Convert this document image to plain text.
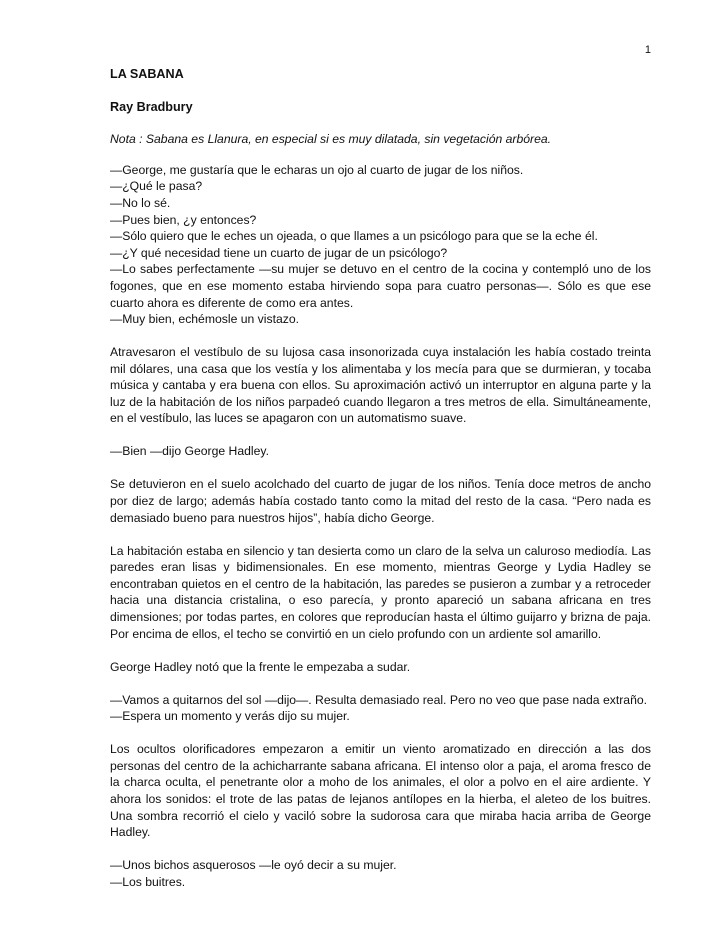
1

LA SABANA

Ray Bradbury

Nota : Sabana es Llanura, en especial si es muy dilatada, sin vegetación arbórea.

—George, me gustaría que le echaras un ojo al cuarto de jugar de los niños.

—¿Qué le pasa?

—No lo sé.

—Pues bien, ¿y entonces?

—Sólo quiero que le eches un ojeada, o que llames a un psicólogo para que se la eche él.

—¿Y qué necesidad tiene un cuarto de jugar de un psicólogo?

—Lo sabes perfectamente —su mujer se detuvo en el centro de la cocina y contempló uno de los fogones, que en ese momento estaba hirviendo sopa para cuatro personas—. Sólo es que ese cuarto ahora es diferente de como era antes.

—Muy bien, echémosle un vistazo.

Atravesaron el vestíbulo de su lujosa casa insonorizada cuya instalación les había costado treinta mil dólares, una casa que los vestía y los alimentaba y los mecía para que se durmieran, y tocaba música y cantaba y era buena con ellos. Su aproximación activó un interruptor en alguna parte y la luz de la habitación de los niños parpadeó cuando llegaron a tres metros de ella. Simultáneamente, en el vestíbulo, las luces se apagaron con un automatismo suave.

—Bien —dijo George Hadley.

Se detuvieron en el suelo acolchado del cuarto de jugar de los niños. Tenía doce metros de ancho por diez de largo; además había costado tanto como la mitad del resto de la casa. “Pero nada es demasiado bueno para nuestros hijos”, había dicho George.

La habitación estaba en silencio y tan desierta como un claro de la selva un caluroso mediodía. Las paredes eran lisas y bidimensionales. En ese momento, mientras George y Lydia Hadley se encontraban quietos en el centro de la habitación, las paredes se pusieron a zumbar y a retroceder hacia una distancia cristalina, o eso parecía, y pronto apareció un sabana africana en tres dimensiones; por todas partes, en colores que reproducían hasta el último guijarro y brizna de paja. Por encima de ellos, el techo se convirtió en un cielo profundo con un ardiente sol amarillo.

George Hadley notó que la frente le empezaba a sudar.

—Vamos a quitarnos del sol —dijo—. Resulta demasiado real. Pero no veo que pase nada extraño.

—Espera un momento y verás dijo su mujer.

Los ocultos olorificadores empezaron a emitir un viento aromatizado en dirección a las dos personas del centro de la achicharrante sabana africana. El intenso olor a paja, el aroma fresco de la charca oculta, el penetrante olor a moho de los animales, el olor a polvo en el aire ardiente. Y ahora los sonidos: el trote de las patas de lejanos antílopes en la hierba, el aleteo de los buitres. Una sombra recorrió el cielo y vaciló sobre la sudorosa cara que miraba hacia arriba de George Hadley.

—Unos bichos asquerosos —le oyó decir a su mujer.

—Los buitres.
